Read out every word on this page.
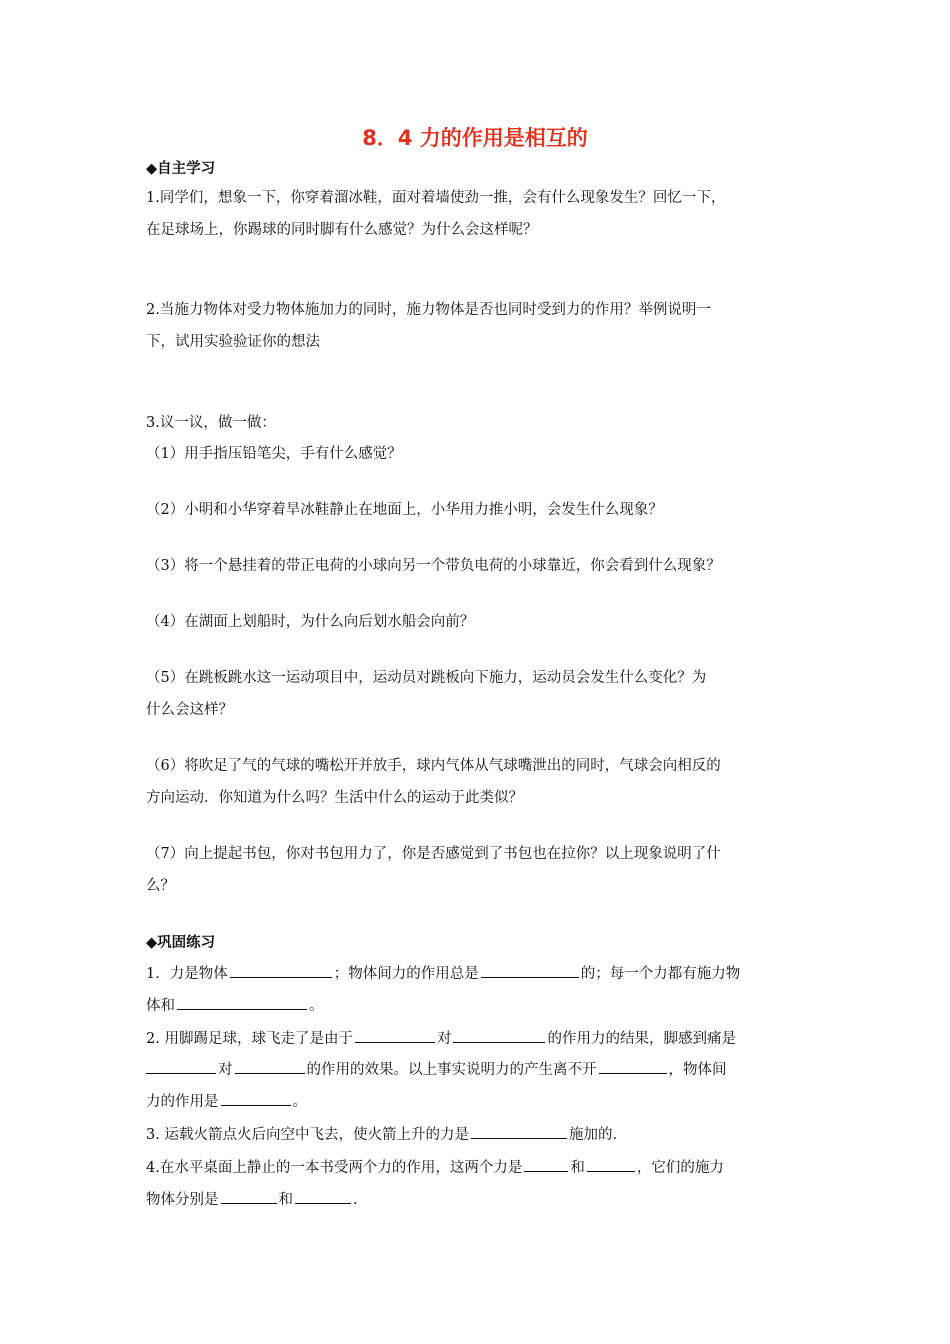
8．4 力的作用是相互的
◆自主学习
1.同学们，想象一下，你穿着溜冰鞋，面对着墙使劲一推，会有什么现象发生？回忆一下，
在足球场上，你踢球的同时脚有什么感觉？为什么会这样呢？
2.当施力物体对受力物体施加力的同时，施力物体是否也同时受到力的作用？举例说明一
下，试用实验验证你的想法
3.议一议，做一做：
（1）用手指压铅笔尖，手有什么感觉？
（2）小明和小华穿着旱冰鞋静止在地面上，小华用力推小明，会发生什么现象？
（3）将一个悬挂着的带正电荷的小球向另一个带负电荷的小球靠近，你会看到什么现象？
（4）在湖面上划船时，为什么向后划水船会向前？
（5）在跳板跳水这一运动项目中，运动员对跳板向下施力，运动员会发生什么变化？为
什么会这样？
（6）将吹足了气的气球的嘴松开并放手，球内气体从气球嘴泄出的同时，气球会向相反的
方向运动．你知道为什么吗？生活中什么的运动于此类似？
（7）向上提起书包，你对书包用力了，你是否感觉到了书包也在拉你？以上现象说明了什
么？
◆巩固练习
1．力是物体	；物体间力的作用总是	的；每一个力都有施力物
体和	。
2. 用脚踢足球，球飞走了是由于	对	的作用力的结果，脚感到痛是
对	的作用的效果。以上事实说明力的产生离不开	，物体间
力的作用是	。
3. 运载火箭点火后向空中飞去，使火箭上升的力是	施加的.
4.在水平桌面上静止的一本书受两个力的作用，这两个力是	和	，它们的施力
物体分别是	和	.
